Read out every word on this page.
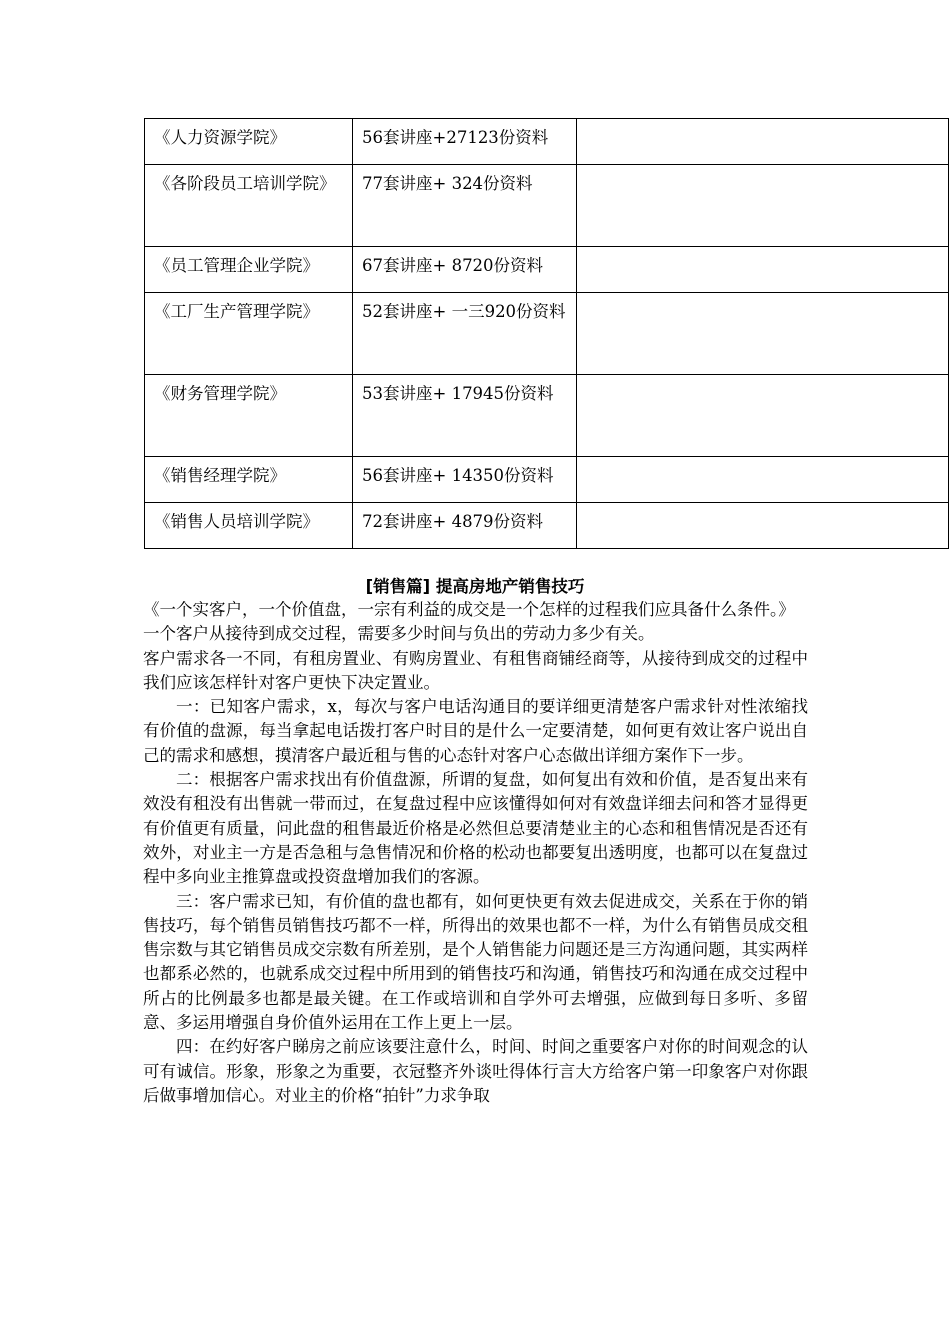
《人力资源学院》	56套讲座+27123份资料	

《各阶段员工培训学院》	77套讲座+ 324份资料	

《员工管理企业学院》	67套讲座+ 8720份资料	

《工厂生产管理学院》	52套讲座+ 一三920份资料	

《财务管理学院》	53套讲座+ 17945份资料	

《销售经理学院》	56套讲座+ 14350份资料	

《销售人员培训学院》	72套讲座+ 4879份资料	

[销售篇] 提高房地产销售技巧

《一个实客户，一个价值盘，一宗有利益的成交是一个怎样的过程我们应具备什么条件。》

一个客户从接待到成交过程，需要多少时间与负出的劳动力多少有关。

客户需求各一不同，有租房置业、有购房置业、有租售商铺经商等，从接待到成交的过程中我们应该怎样针对客户更快下决定置业。

一：已知客户需求，x，每次与客户电话沟通目的要详细更清楚客户需求针对性浓缩找有价值的盘源，每当拿起电话拨打客户时目的是什么一定要清楚，如何更有效让客户说出自己的需求和感想，摸清客户最近租与售的心态针对客户心态做出详细方案作下一步。

二：根据客户需求找出有价值盘源，所谓的复盘，如何复出有效和价值，是否复出来有效没有租没有出售就一带而过，在复盘过程中应该懂得如何对有效盘详细去问和答才显得更有价值更有质量，问此盘的租售最近价格是必然但总要清楚业主的心态和租售情况是否还有效外，对业主一方是否急租与急售情况和价格的松动也都要复出透明度，也都可以在复盘过程中多向业主推算盘或投资盘增加我们的客源。

三：客户需求已知，有价值的盘也都有，如何更快更有效去促进成交，关系在于你的销售技巧，每个销售员销售技巧都不一样，所得出的效果也都不一样，为什么有销售员成交租售宗数与其它销售员成交宗数有所差别，是个人销售能力问题还是三方沟通问题，其实两样也都系必然的，也就系成交过程中所用到的销售技巧和沟通，销售技巧和沟通在成交过程中所占的比例最多也都是最关键。在工作或培训和自学外可去增强，应做到每日多听、多留意、多运用增强自身价值外运用在工作上更上一层。

四：在约好客户睇房之前应该要注意什么，时间、时间之重要客户对你的时间观念的认可有诚信。形象，形象之为重要，衣冠整齐外谈吐得体行言大方给客户第一印象客户对你跟后做事增加信心。对业主的价格“拍针”力求争取
